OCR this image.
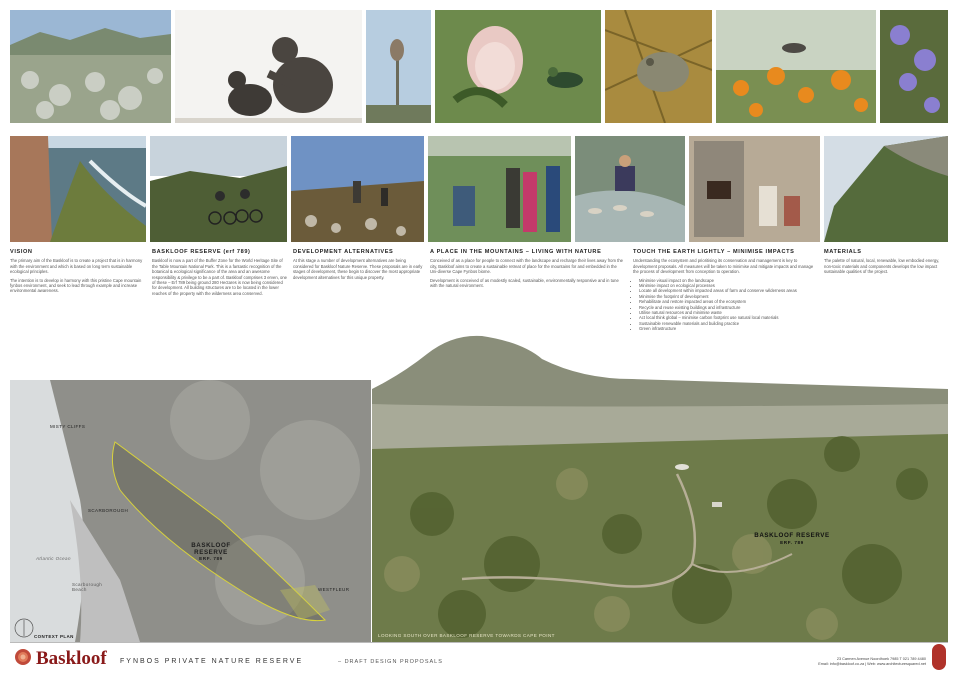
VISION

The primary aim of the Baskloof is to create a project that is in harmony with the environment and which is based on long term sustainable ecological principles.

The intention is to develop in harmony with this pristine Cape mountain fynbos environment, and seek to lead through example and increase environmental awareness.

BASKLOOF RESERVE (erf 789)

Baskloof is now a part of the Buffer Zone for the World Heritage Site of the Table Mountain National Park. This is a fantastic recognition of the botanical & ecological significance of the area and an awesome responsibility & privilege to be a part of. Baskloof comprises 3 erven, one of these – Erf 789 being ground 280 Hectares is now being considered for development. All building structures are to be located in the lower reaches of the property with the wilderness area conserved.

DEVELOPMENT ALTERNATIVES

At this stage a number of development alternatives are being considered for Baskloof Nature Reserve. These proposals are in early stages of development, these begin to discover the most appropriate development alternatives for this unique property.

A PLACE IN THE MOUNTAINS – LIVING WITH NATURE

Conceived of as a place for people to connect with the landscape and recharge their lives away from the city, Baskloof aims to create a sustainable retreat of place for the mountains for and embedded in the Uni-diverse Cape Fynbos biome.

Development is conceived of as modestly scaled, sustainable, environmentally responsive and in tune with the natural environment.

TOUCH THE EARTH LIGHTLY – MINIMISE IMPACTS

Understanding the ecosystem and prioritising its conservation and management is key to development proposals. All measures will be taken to minimise and mitigate impacts and manage the process of development from conception to operation.

• Minimise visual impact on the landscape
• Minimise impact on ecological processes
• Locate all development within impacted areas of farm and conserve wilderness areas
• Minimise the footprint of development
• Rehabilitate and restore impacted areas of the ecosystem
• Recycle and reuse existing buildings and infrastructure
• Utilise natural resources and minimise waste
• Act local think global – minimise carbon footprint use natural local materials
• Sustainable renewable materials and building practice
• Green infrastructure
MATERIALS

The palette of natural, local, renewable, low embodied energy, non-toxic materials and components develops the low impact sustainable qualities of the project.

MISTY CLIFFS
SCARBOROUGH
Atlantic Ocean
Scarborough Beach
BASKLOOF RESERVE
ERF. 789
WESTFLEUR
CONTEXT PLAN
BASKLOOF RESERVE
ERF. 789
LOOKING SOUTH OVER BASKLOOF RESERVE TOWARDS CAPE POINT
Baskloof FYNBOS PRIVATE NATURE RESERVE	– DRAFT DESIGN PROPOSALS	23 Carmen Avenue Noordhoek 7985 T 021 789 4480
Email: info@baskloof.co.za | Web: www.architecturesquared.net
